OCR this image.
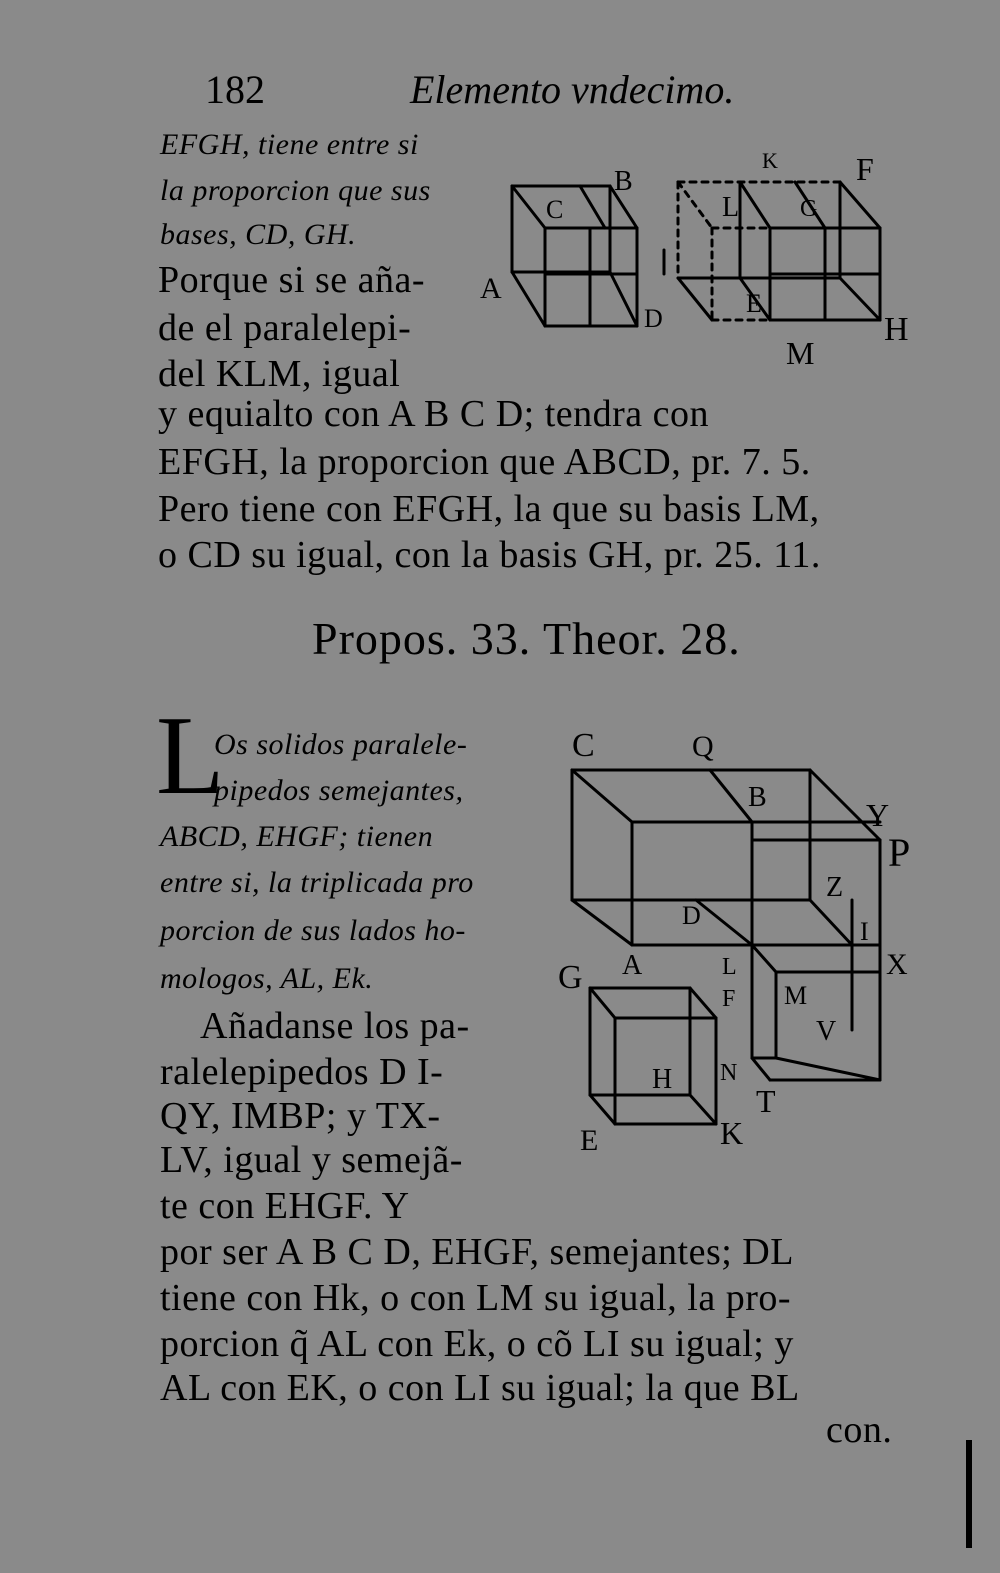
182	Elemento vndecimo.
EFGH, tiene entre si
la proporcion que sus
bases, CD, GH.
Porque si se aña-
de el paralelepi-
del KLM, igual
y equialto con A B C D; tendra con
EFGH, la proporcion que ABCD, pr. 7. 5.
Pero tiene con EFGH, la que su basis LM,
o CD su igual, con la basis GH, pr. 25. 11.
A
B
C
D
K F
L	G
E
H
M
Propos. 33. Theor. 28.
L
Os solidos paralele-
pipedos semejantes,
ABCD, EHGF; tienen
entre si, la triplicada pro
porcion de sus lados ho-
mologos, AL, Ek.
Añadanse los pa-
ralelepipedos D I-
QY, IMBP; y TX-
LV, igual y semejã-
te con EHGF. Y
por ser A B C D, EHGF, semejantes; DL
tiene con Hk, o con LM su igual, la pro-
porcion q̃ AL con Ek, o cõ LI su igual; y
AL con EK, o con LI su igual; la que BL
con.
C	Q
B	Y
P
Z
D
I
A	L
G
F
X
M
V
H N
T
E	K
